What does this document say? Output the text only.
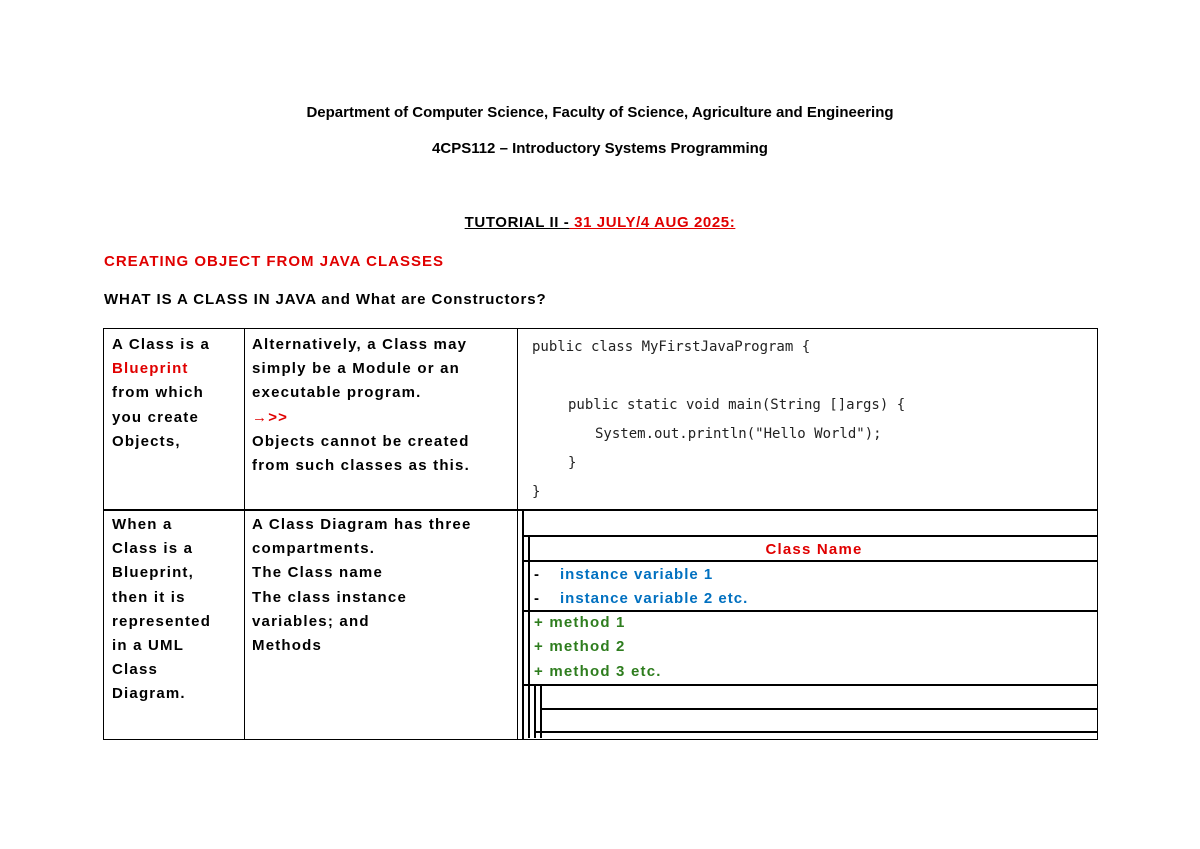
Department of Computer Science, Faculty of Science, Agriculture and Engineering
4CPS112 – Introductory Systems Programming
TUTORIAL II - 31 JULY/4 AUG 2025:
CREATING OBJECT FROM JAVA CLASSES
WHAT IS A CLASS IN JAVA and What are Constructors?
A Class is a
Blueprint
from which
you create
Objects,
Alternatively, a Class may
simply be a Module or an
executable program.
→>>
Objects cannot be created
from such classes as this.
public class MyFirstJavaProgram {
public static void main(String []args) {
System.out.println("Hello World");
}
}
When a
Class is a
Blueprint,
then it is
represented
in a UML
Class
Diagram.
A Class Diagram has three
compartments.
The Class name
The class instance
variables; and
Methods
Class Name
- instance variable 1
- instance variable 2 etc.
+ method 1
+ method 2
+ method 3 etc.
